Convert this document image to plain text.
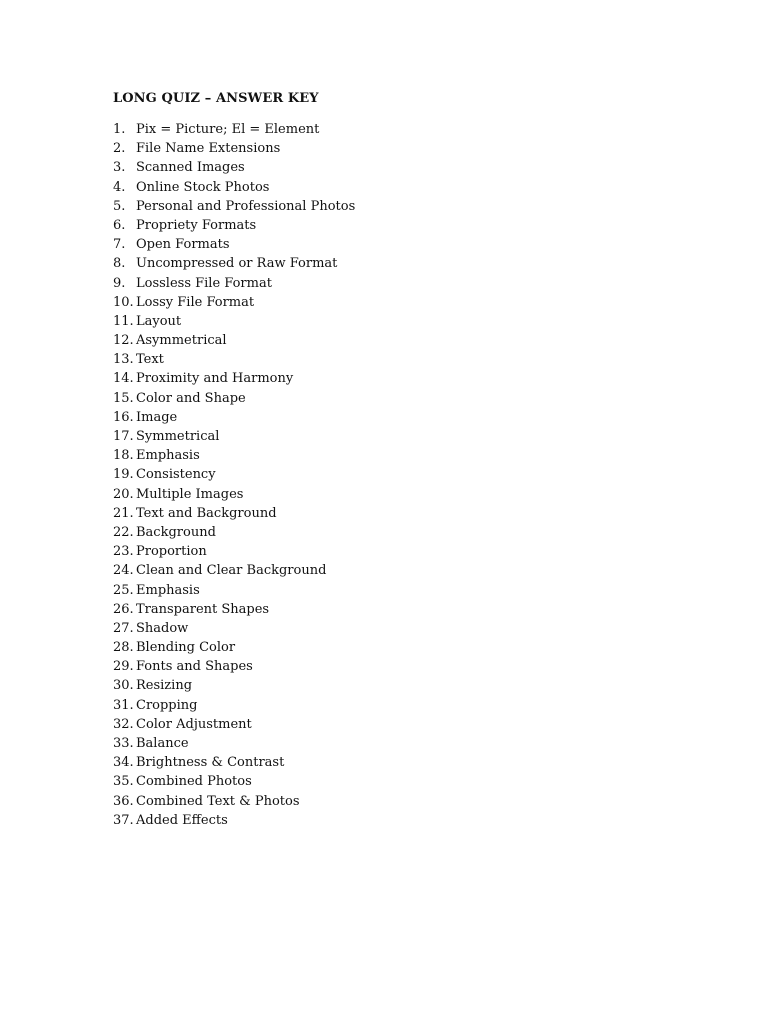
LONG QUIZ – ANSWER KEY
1. Pix = Picture; El = Element
2. File Name Extensions
3. Scanned Images
4. Online Stock Photos
5. Personal and Professional Photos
6. Propriety Formats
7. Open Formats
8. Uncompressed or Raw Format
9. Lossless File Format
10. Lossy File Format
11. Layout
12. Asymmetrical
13. Text
14. Proximity and Harmony
15. Color and Shape
16. Image
17. Symmetrical
18. Emphasis
19. Consistency
20. Multiple Images
21. Text and Background
22. Background
23. Proportion
24. Clean and Clear Background
25. Emphasis
26. Transparent Shapes
27. Shadow
28. Blending Color
29. Fonts and Shapes
30. Resizing
31. Cropping
32. Color Adjustment
33. Balance
34. Brightness & Contrast
35. Combined Photos
36. Combined Text & Photos
37. Added Effects
